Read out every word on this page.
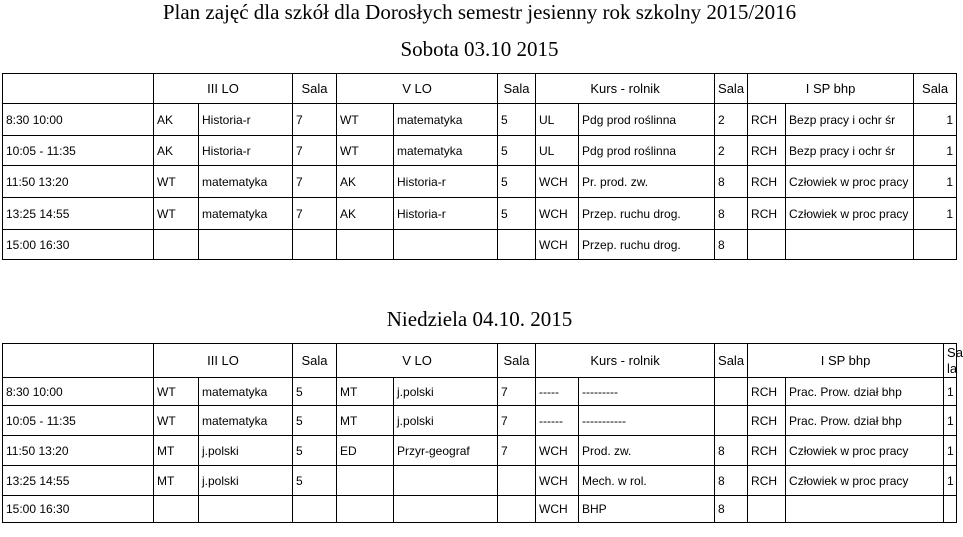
Plan zajęć dla szkół dla Dorosłych semestr jesienny rok szkolny 2015/2016
Sobota 03.10 2015
	III LO		Sala	V LO		Sala	Kurs - rolnik		Sala	I SP bhp		Sala
8:30 10:00	AK	Historia-r	7	WT	matematyka	5	UL	Pdg prod roślinna	2	RCH	Bezp pracy i ochr śr	1
10:05 - 11:35	AK	Historia-r	7	WT	matematyka	5	UL	Pdg prod roślinna	2	RCH	Bezp pracy i ochr śr	1
11:50 13:20	WT	matematyka	7	AK	Historia-r	5	WCH	Pr. prod. zw.	8	RCH	Człowiek w proc pracy	1
13:25 14:55	WT	matematyka	7	AK	Historia-r	5	WCH	Przep. ruchu drog.	8	RCH	Człowiek w proc pracy	1
15:00 16:30							WCH	Przep. ruchu drog.	8			
Niedziela 04.10. 2015
	III LO		Sala	V LO		Sala	Kurs - rolnik		Sala	I SP bhp		Sa la
8:30 10:00	WT	matematyka	5	MT	j.polski	7	-----	---------		RCH	Prac. Prow. dział bhp	1
10:05 - 11:35	WT	matematyka	5	MT	j.polski	7	------	-----------		RCH	Prac. Prow. dział bhp	1
11:50 13:20	MT	j.polski	5	ED	Przyr-geograf	7	WCH	Prod. zw.	8	RCH	Człowiek w proc pracy	1
13:25 14:55	MT	j.polski	5				WCH	Mech. w rol.	8	RCH	Człowiek w proc pracy	1
15:00 16:30							WCH	BHP	8			
